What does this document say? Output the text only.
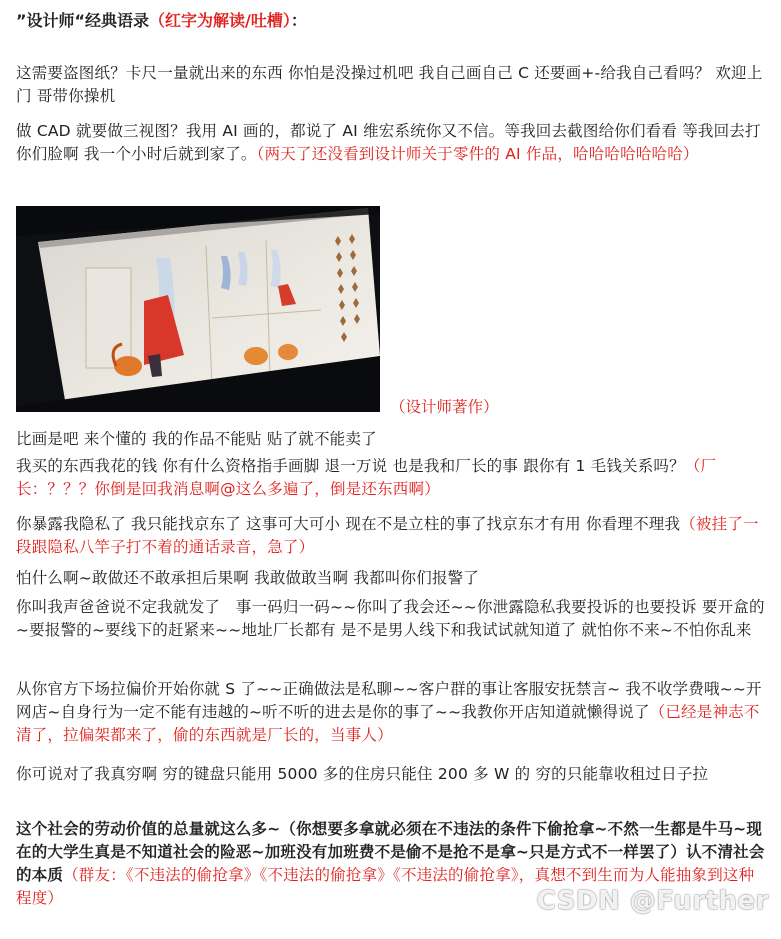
”设计师“经典语录（红字为解读/吐槽）：
这需要盗图纸？卡尺一量就出来的东西 你怕是没操过机吧 我自己画自己 C 还要画+-给我自己看吗？ 欢迎上门 哥带你操机
做 CAD 就要做三视图？我用 AI 画的，都说了 AI 维宏系统你又不信。等我回去截图给你们看看 等我回去打你们脸啊 我一个小时后就到家了。（两天了还没看到设计师关于零件的 AI 作品，哈哈哈哈哈哈哈）
（设计师著作）
比画是吧 来个懂的 我的作品不能贴 贴了就不能卖了
我买的东西我花的钱 你有什么资格指手画脚 退一万说 也是我和厂长的事 跟你有 1 毛钱关系吗？（厂长：？？？你倒是回我消息啊@这么多遍了，倒是还东西啊）
你暴露我隐私了 我只能找京东了 这事可大可小 现在不是立柱的事了找京东才有用 你看理不理我（被挂了一段跟隐私八竿子打不着的通话录音，急了）
怕什么啊~敢做还不敢承担后果啊 我敢做敢当啊 我都叫你们报警了
你叫我声爸爸说不定我就发了　事一码归一码~~你叫了我会还~~你泄露隐私我要投诉的也要投诉 要开盒的~要报警的~要线下的赶紧来~~地址厂长都有 是不是男人线下和我试试就知道了 就怕你不来~不怕你乱来
从你官方下场拉偏价开始你就 S 了~~正确做法是私聊~~客户群的事让客服安抚禁言~ 我不收学费哦~~开网店~自身行为一定不能有违越的~听不听的进去是你的事了~~我教你开店知道就懒得说了（已经是神志不清了，拉偏架都来了，偷的东西就是厂长的，当事人）
你可说对了我真穷啊 穷的键盘只能用 5000 多的住房只能住 200 多 W 的 穷的只能靠收租过日子拉
这个社会的劳动价值的总量就这么多~（你想要多拿就必须在不违法的条件下偷抢拿~不然一生都是牛马~现在的大学生真是不知道社会的险恶~加班没有加班费不是偷不是抢不是拿~只是方式不一样罢了）认不清社会的本质（群友：《不违法的偷抢拿》《不违法的偷抢拿》《不违法的偷抢拿》，真想不到生而为人能抽象到这种程度）	CSDN @Further
